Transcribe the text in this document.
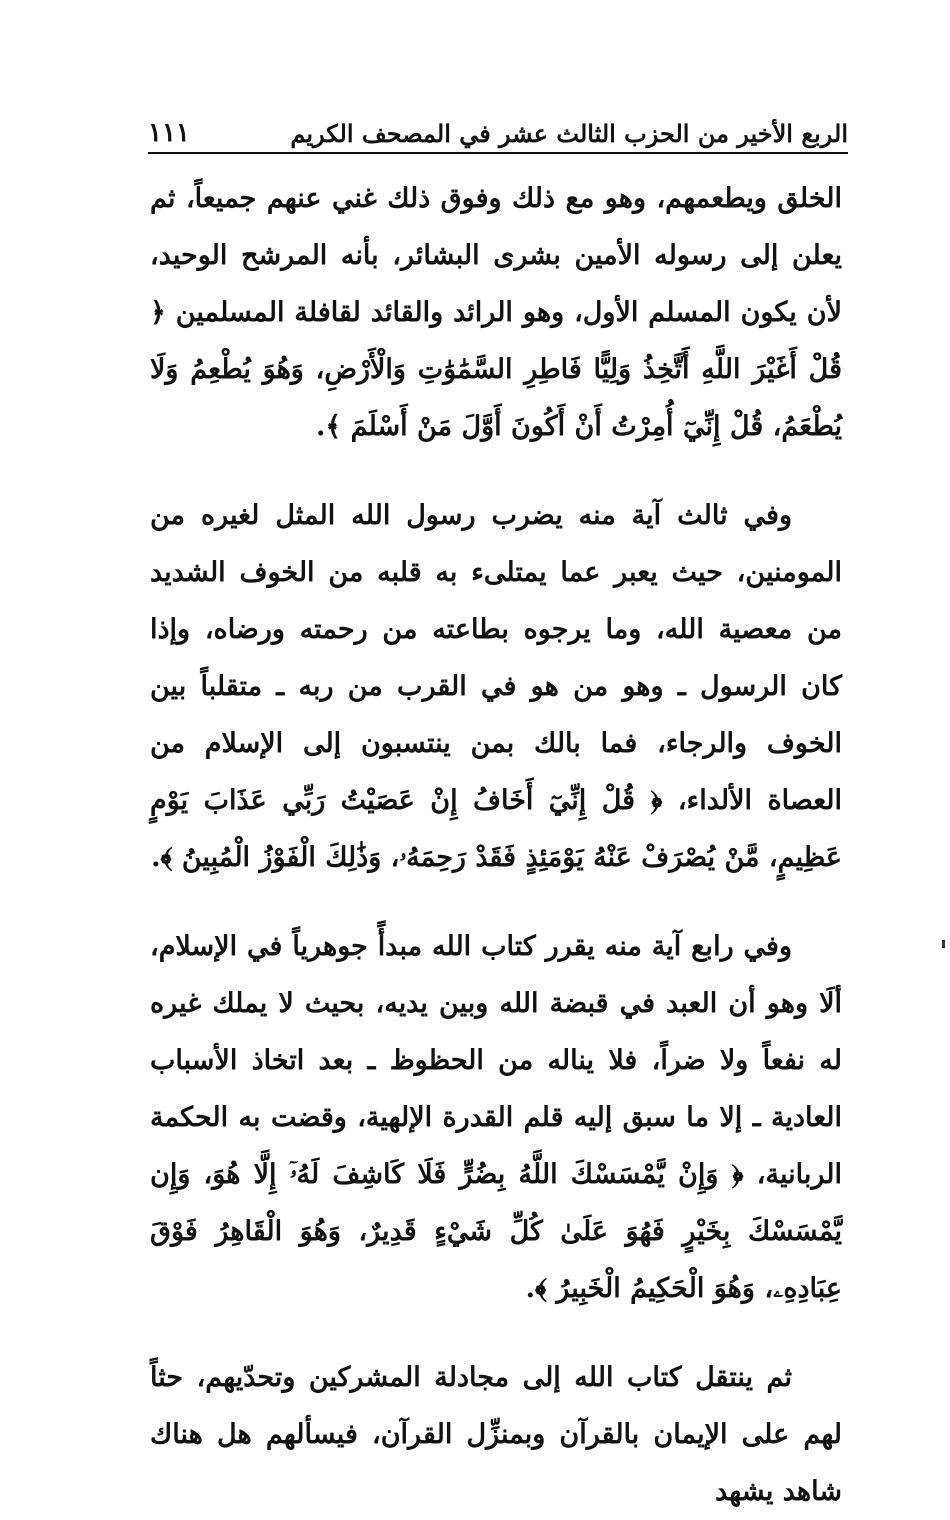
الربع الأخير من الحزب الثالث عشر في المصحف الكريم
١١١

الخلق ويطعمهم، وهو مع ذلك وفوق ذلك غني عنهم جميعاً، ثم يعلن إلى رسوله الأمين بشرى البشائر، بأنه المرشح الوحيد، لأن يكون المسلم الأول، وهو الرائد والقائد لقافلة المسلمين ﴿ قُلْ أَغَيْرَ اللَّهِ أَتَّخِذُ وَلِيًّا فَاطِرِ السَّمَٰوَٰتِ وَالْأَرْضِ، وَهُوَ يُطْعِمُ وَلَا يُطْعَمُ، قُلْ إِنِّيٓ أُمِرْتُ أَنْ أَكُونَ أَوَّلَ مَنْ أَسْلَمَ ﴾.

وفي ثالث آية منه يضرب رسول الله المثل لغيره من المومنين، حيث يعبر عما يمتلىء به قلبه من الخوف الشديد من معصية الله، وما يرجوه بطاعته من رحمته ورضاه، وإذا كان الرسول ـ وهو من هو في القرب من ربه ـ متقلباً بين الخوف والرجاء، فما بالك بمن ينتسبون إلى الإسلام من العصاة الألداء، ﴿ قُلْ إِنِّيٓ أَخَافُ إِنْ عَصَيْتُ رَبِّي عَذَابَ يَوْمٍ عَظِيمٍ، مَّنْ يُصْرَفْ عَنْهُ يَوْمَئِذٍ فَقَدْ رَحِمَهُۥ، وَذَٰلِكَ الْفَوْزُ الْمُبِينُ ﴾.

وفي رابع آية منه يقرر كتاب الله مبدأً جوهرياً في الإسلام، ألَا وهو أن العبد في قبضة الله وبين يديه، بحيث لا يملك غيره له نفعاً ولا ضراً، فلا يناله من الحظوظ ـ بعد اتخاذ الأسباب العادية ـ إلا ما سبق إليه قلم القدرة الإلهية، وقضت به الحكمة الربانية، ﴿ وَإِنْ يَّمْسَسْكَ اللَّهُ بِضُرٍّ فَلَا كَاشِفَ لَهُۥٓ إِلَّا هُوَ، وَإِن يَّمْسَسْكَ بِخَيْرٍ فَهُوَ عَلَىٰ كُلِّ شَيْءٍ قَدِيرٌ، وَهُوَ الْقَاهِرُ فَوْقَ عِبَادِهِۦ، وَهُوَ الْحَكِيمُ الْخَبِيرُ ﴾.

ثم ينتقل كتاب الله إلى مجادلة المشركين وتحدّيهم، حثاً لهم على الإيمان بالقرآن وبمنزِّل القرآن، فيسألهم هل هناك شاهد يشهد
